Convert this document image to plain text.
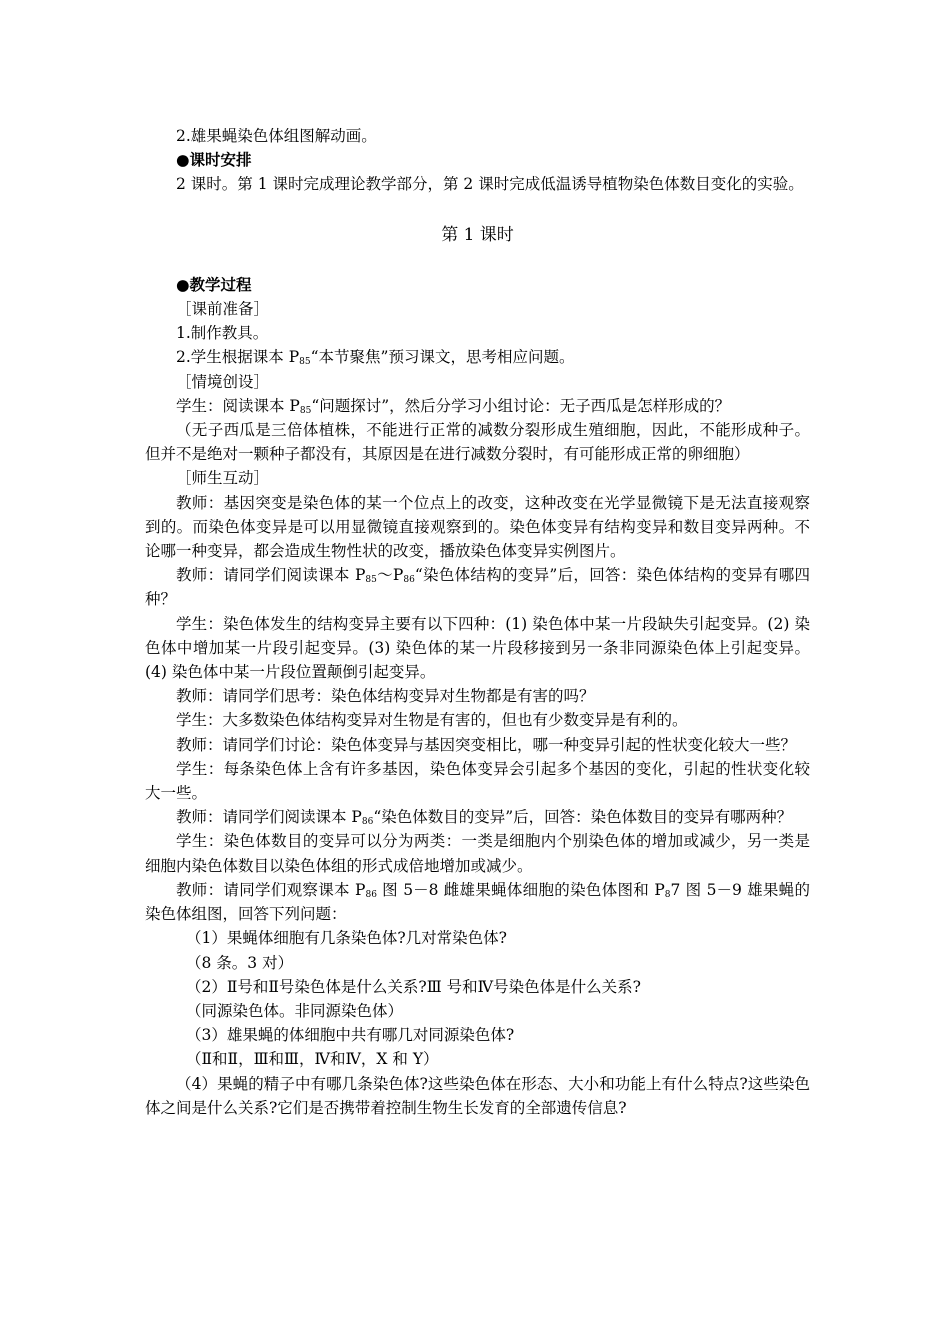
2.雄果蝇染色体组图解动画。

●课时安排

2 课时。第 1 课时完成理论教学部分，第 2 课时完成低温诱导植物染色体数目变化的实验。

第 1 课时

●教学过程

［课前准备］

1.制作教具。

2.学生根据课本 $P_{85}“$本节聚焦”预习课文，思考相应问题。

［情境创设］

学生：阅读课本 $P_{85}“$问题探讨”，然后分学习小组讨论：无子西瓜是怎样形成的？

（无子西瓜是三倍体植株，不能进行正常的减数分裂形成生殖细胞，因此，不能形成种子。但并不是绝对一颗种子都没有，其原因是在进行减数分裂时，有可能形成正常的卵细胞）

［师生互动］

教师：基因突变是染色体的某一个位点上的改变，这种改变在光学显微镜下是无法直接观察到的。而染色体变异是可以用显微镜直接观察到的。染色体变异有结构变异和数目变异两种。不论哪一种变异，都会造成生物性状的改变，播放染色体变异实例图片。

教师：请同学们阅读课本 $P_{85}\sim P_{86}“$染色体结构的变异”后，回答：染色体结构的变异有哪四种？

学生：染色体发生的结构变异主要有以下四种：(1) 染色体中某一片段缺失引起变异。(2) 染色体中增加某一片段引起变异。(3) 染色体的某一片段移接到另一条非同源染色体上引起变异。(4) 染色体中某一片段位置颠倒引起变异。

教师：请同学们思考：染色体结构变异对生物都是有害的吗？

学生：大多数染色体结构变异对生物是有害的，但也有少数变异是有利的。

教师：请同学们讨论：染色体变异与基因突变相比，哪一种变异引起的性状变化较大一些？

学生：每条染色体上含有许多基因，染色体变异会引起多个基因的变化，引起的性状变化较大一些。

教师：请同学们阅读课本 $P_{86}“$染色体数目的变异”后，回答：染色体数目的变异有哪两种？

学生：染色体数目的变异可以分为两类：一类是细胞内个别染色体的增加或减少，另一类是细胞内染色体数目以染色体组的形式成倍地增加或减少。

教师：请同学们观察课本 $P_{86}$ 图 5－8 雌雄果蝇体细胞的染色体图和 $P_87$ 图 5－9 雄果蝇的染色体组图，回答下列问题：

（1）果蝇体细胞有几条染色体?几对常染色体?

（8 条。3 对）

（2）Ⅱ号和Ⅱ号染色体是什么关系?Ⅲ 号和Ⅳ号染色体是什么关系?

（同源染色体。非同源染色体）

（3）雄果蝇的体细胞中共有哪几对同源染色体?

（Ⅱ和Ⅱ，Ⅲ和Ⅲ，Ⅳ和Ⅳ，X 和 Y）

（4）果蝇的精子中有哪几条染色体?这些染色体在形态、大小和功能上有什么特点?这些染色体之间是什么关系?它们是否携带着控制生物生长发育的全部遗传信息?
